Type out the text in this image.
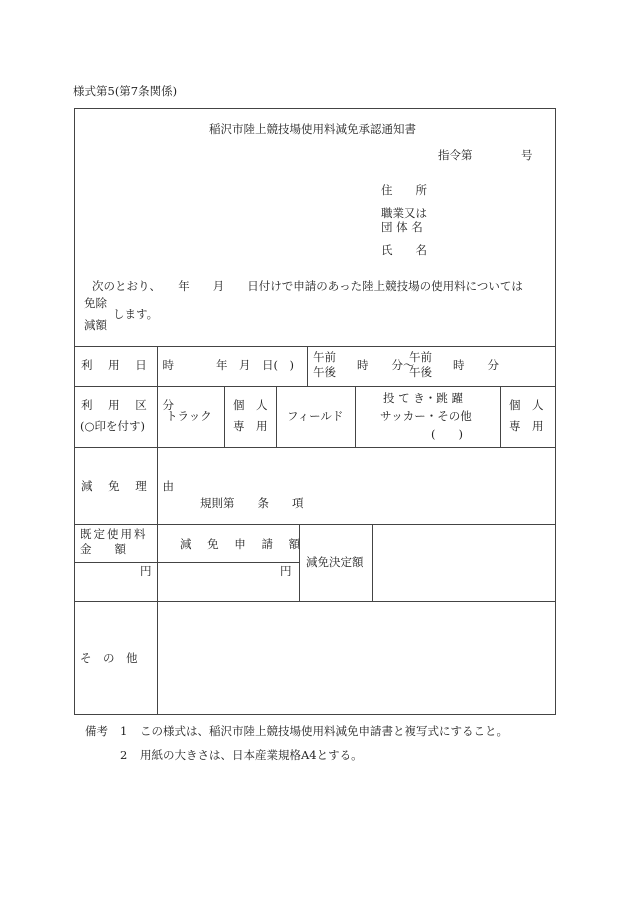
様式第5(第7条関係)
稲沢市陸上競技場使用料減免承認通知書
指令第	号
住　　所
職業又は
団 体 名
氏　　名
次のとおり、　　年　　月　　日付けで申請のあった陸上競技場の使用料については
免除
減額
します。
利 用 日 時	年　月　日(　)
午前
午後 時　　分〜
午前
午後 時　　分
利 用 区 分
(○印を付す)
トラック
個　人
専　用
フィールド
投 て き・跳 躍
サッカー・その他
(　　)
個　人
専　用
減 免 理 由
規則第　　条　　項
既定使用料
金　　額
円
減 免 申 請 額
円
減免決定額
そ　の　他
備考 1 この様式は、稲沢市陸上競技場使用料減免申請書と複写式にすること。
2 用紙の大きさは、日本産業規格A4とする。
